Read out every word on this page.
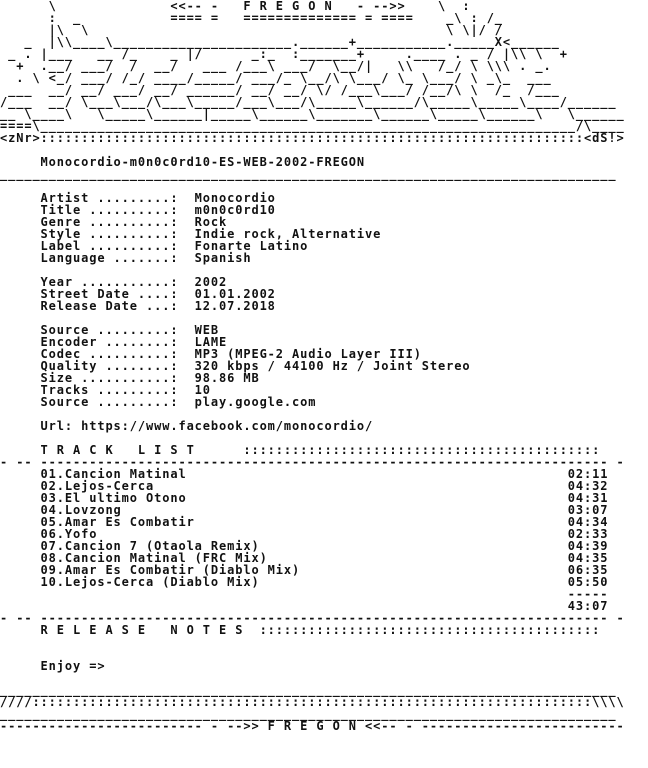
\              <<-- -   F R E G O N   - -->>    \  :
:  _           ==== =   ============== = ====    _\ : /_
|\  \                                            \ \|/ /
_  |\\____\______________________.______+___________._____X<______
_ . |___   __ /_    _ |/      _:_  :_______+     .____ . _ / |\\ \  +
+  .__/ ___/  /  __/   ___ /___\ ___/  \__/|   \\   /_/ \ \\\ . _.
. \ <_/ ___/ /_/ ____/_____/ ___/_ \__/\ \___/ \_ \___/ \ _\_  ___
___  __/ __/ ___/ __/ ______/ __/ __/ \/ /___\___/ /__/\ \  /_  /___
/___  __/ \___\___/\___\_____/___\___/\_____\______/\_____\_____\____/______
__ \____\   \_____\______|_____\______\_______\______\_____\______\   \______
====\__________________________________________________________________/\____
<zNr>:::::::::::::::::::::::::::::::::::::::::::::::::::::::::::::::::::<dS!>
Monocordio-m0n0c0rd10-ES-WEB-2002-FREGON
____________________________________________________________________________
Artist .........:  Monocordio
Title ..........:  m0n0c0rd10
Genre ..........:  Rock
Style ..........:  Indie rock, Alternative
Label ..........:  Fonarte Latino
Language .......:  Spanish
Year ...........:  2002
Street Date ....:  01.01.2002
Release Date ...:  12.07.2018
Source .........:  WEB
Encoder ........:  LAME
Codec ..........:  MP3 (MPEG-2 Audio Layer III)
Quality ........:  320 kbps / 44100 Hz / Joint Stereo
Size ...........:  98.86 MB
Tracks .........:  10
Source .........:  play.google.com
Url: https://www.facebook.com/monocordio/
T R A C K   L I S T      ::::::::::::::::::::::::::::::::::::::::::::
- -- ---------------------------------------------------------------------- -
01.Cancion Matinal                                               02:11
02.Lejos-Cerca                                                   04:32
03.El ultimo Otono                                               04:31
04.Lovzong                                                       03:07
05.Amar Es Combatir                                              04:34
06.Yofo                                                          02:33
07.Cancion 7 (Otaola Remix)                                      04:39
08.Cancion Matinal (FRC Mix)                                     04:35
09.Amar Es Combatir (Diablo Mix)                                 06:35
10.Lejos-Cerca (Diablo Mix)                                      05:50
-----
43:07
- -- ---------------------------------------------------------------------- -
R E L E A S E   N O T E S  ::::::::::::::::::::::::::::::::::::::::::
Enjoy =>
____________________________________________________________________________
////:::::::::::::::::::::::::::::::::::::::::::::::::::::::::::::::::::::\\\\
____________________________________________________________________________
------------------------- - -->> F R E G O N <<-- - -------------------------
